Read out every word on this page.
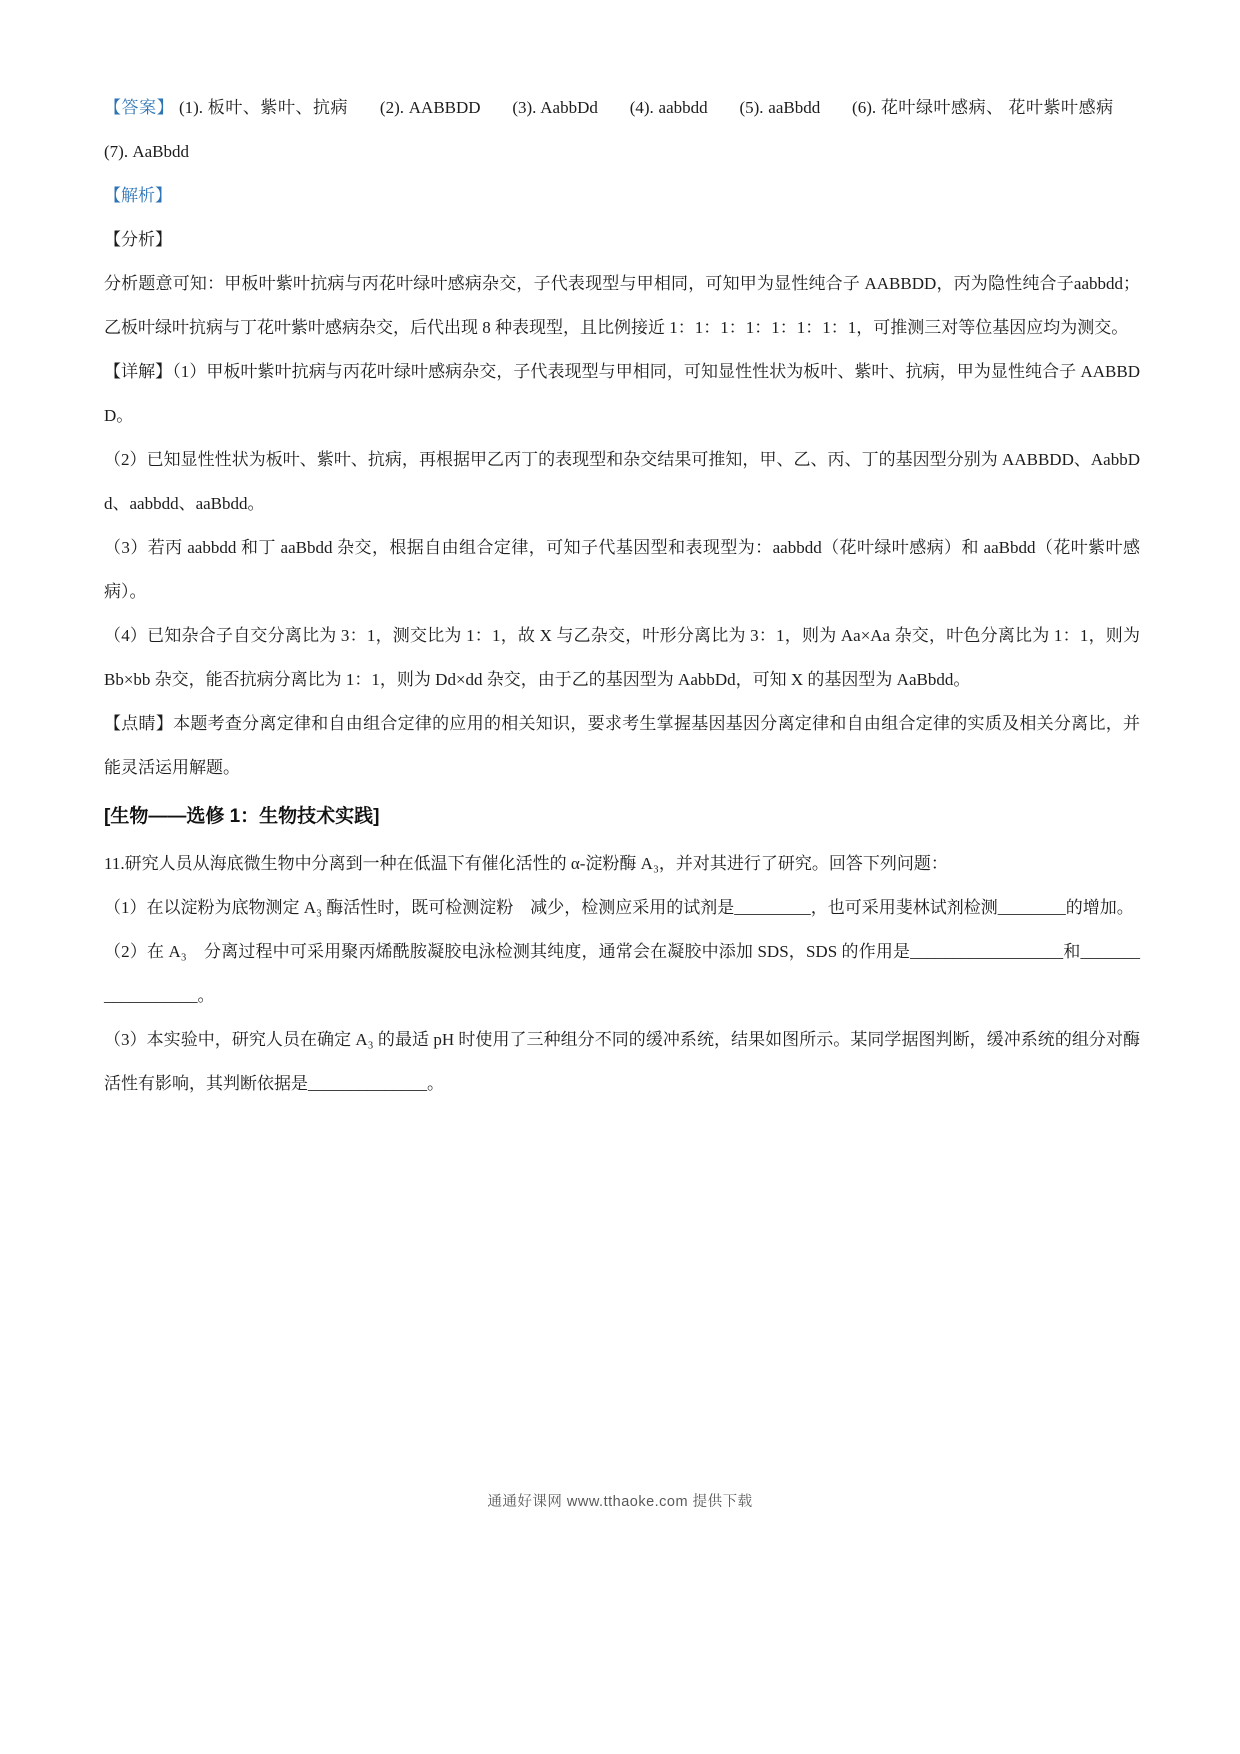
【答案】 (1). 板叶、紫叶、抗病 (2). AABBDD (3). AabbDd (4). aabbdd (5). aaBbdd (6). 花叶绿叶感病、 花叶紫叶感病 (7). AaBbdd

【解析】

【分析】

分析题意可知：甲板叶紫叶抗病与丙花叶绿叶感病杂交，子代表现型与甲相同，可知甲为显性纯合子 AABBDD，丙为隐性纯合子aabbdd；乙板叶绿叶抗病与丁花叶紫叶感病杂交，后代出现 8 种表现型，且比例接近 1：1：1：1：1：1：1：1，可推测三对等位基因应均为测交。

【详解】（1）甲板叶紫叶抗病与丙花叶绿叶感病杂交，子代表现型与甲相同，可知显性性状为板叶、紫叶、抗病，甲为显性纯合子 AABBDD。

（2）已知显性性状为板叶、紫叶、抗病，再根据甲乙丙丁的表现型和杂交结果可推知，甲、乙、丙、丁的基因型分别为 AABBDD、AabbDd、aabbdd、aaBbdd。

（3）若丙 aabbdd 和丁 aaBbdd 杂交，根据自由组合定律，可知子代基因型和表现型为：aabbdd（花叶绿叶感病）和 aaBbdd（花叶紫叶感病）。

（4）已知杂合子自交分离比为 3：1，测交比为 1：1，故 X 与乙杂交，叶形分离比为 3：1，则为 Aa×Aa 杂交，叶色分离比为 1：1，则为 Bb×bb 杂交，能否抗病分离比为 1：1，则为 Dd×dd 杂交，由于乙的基因型为 AabbDd，可知 X 的基因型为 AaBbdd。

【点睛】本题考查分离定律和自由组合定律的应用的相关知识，要求考生掌握基因基因分离定律和自由组合定律的实质及相关分离比，并能灵活运用解题。

[生物——选修 1：生物技术实践]

11.研究人员从海底微生物中分离到一种在低温下有催化活性的 α-淀粉酶 A₃，并对其进行了研究。回答下列问题：

（1）在以淀粉为底物测定 A₃ 酶活性时，既可检测淀粉　减少，检测应采用的试剂是_________，也可采用斐林试剂检测________的增加。

（2）在 A₃　分离过程中可采用聚丙烯酰胺凝胶电泳检测其纯度，通常会在凝胶中添加 SDS，SDS 的作用是__________________和__________________。

（3）本实验中，研究人员在确定 A₃ 的最适 pH 时使用了三种组分不同的缓冲系统，结果如图所示。某同学据图判断，缓冲系统的组分对酶活性有影响，其判断依据是______________。

通通好课网 www.tthaoke.com 提供下载
